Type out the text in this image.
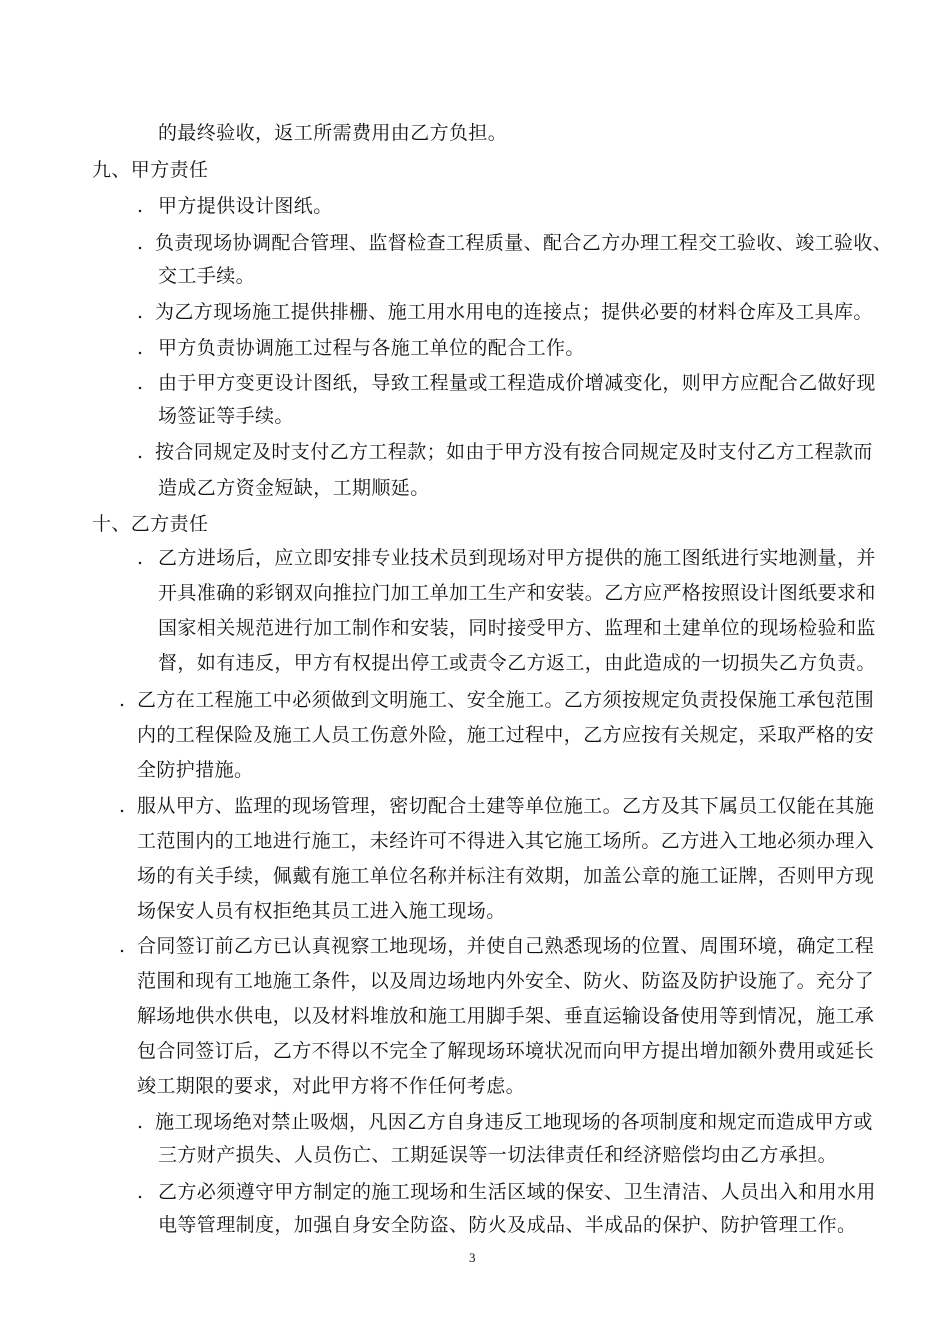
的最终验收，返工所需费用由乙方负担。
九、甲方责任
. 甲方提供设计图纸。
. 负责现场协调配合管理、监督检查工程质量、配合乙方办理工程交工验收、竣工验收、
交工手续。
. 为乙方现场施工提供排栅、施工用水用电的连接点；提供必要的材料仓库及工具库。
. 甲方负责协调施工过程与各施工单位的配合工作。
. 由于甲方变更设计图纸，导致工程量或工程造成价增减变化，则甲方应配合乙做好现
场签证等手续。
. 按合同规定及时支付乙方工程款；如由于甲方没有按合同规定及时支付乙方工程款而
造成乙方资金短缺，工期顺延。
十、乙方责任
. 乙方进场后，应立即安排专业技术员到现场对甲方提供的施工图纸进行实地测量，并
开具准确的彩钢双向推拉门加工单加工生产和安装。乙方应严格按照设计图纸要求和
国家相关规范进行加工制作和安装，同时接受甲方、监理和土建单位的现场检验和监
督，如有违反，甲方有权提出停工或责令乙方返工，由此造成的一切损失乙方负责。
. 乙方在工程施工中必须做到文明施工、安全施工。乙方须按规定负责投保施工承包范围
内的工程保险及施工人员工伤意外险，施工过程中，乙方应按有关规定，采取严格的安
全防护措施。
. 服从甲方、监理的现场管理，密切配合土建等单位施工。乙方及其下属员工仅能在其施
工范围内的工地进行施工，未经许可不得进入其它施工场所。乙方进入工地必须办理入
场的有关手续，佩戴有施工单位名称并标注有效期，加盖公章的施工证牌，否则甲方现
场保安人员有权拒绝其员工进入施工现场。
. 合同签订前乙方已认真视察工地现场，并使自己熟悉现场的位置、周围环境，确定工程
范围和现有工地施工条件，以及周边场地内外安全、防火、防盗及防护设施了。充分了
解场地供水供电，以及材料堆放和施工用脚手架、垂直运输设备使用等到情况，施工承
包合同签订后，乙方不得以不完全了解现场环境状况而向甲方提出增加额外费用或延长
竣工期限的要求，对此甲方将不作任何考虑。
. 施工现场绝对禁止吸烟，凡因乙方自身违反工地现场的各项制度和规定而造成甲方或
三方财产损失、人员伤亡、工期延误等一切法律责任和经济赔偿均由乙方承担。
. 乙方必须遵守甲方制定的施工现场和生活区域的保安、卫生清洁、人员出入和用水用
电等管理制度，加强自身安全防盗、防火及成品、半成品的保护、防护管理工作。
3
